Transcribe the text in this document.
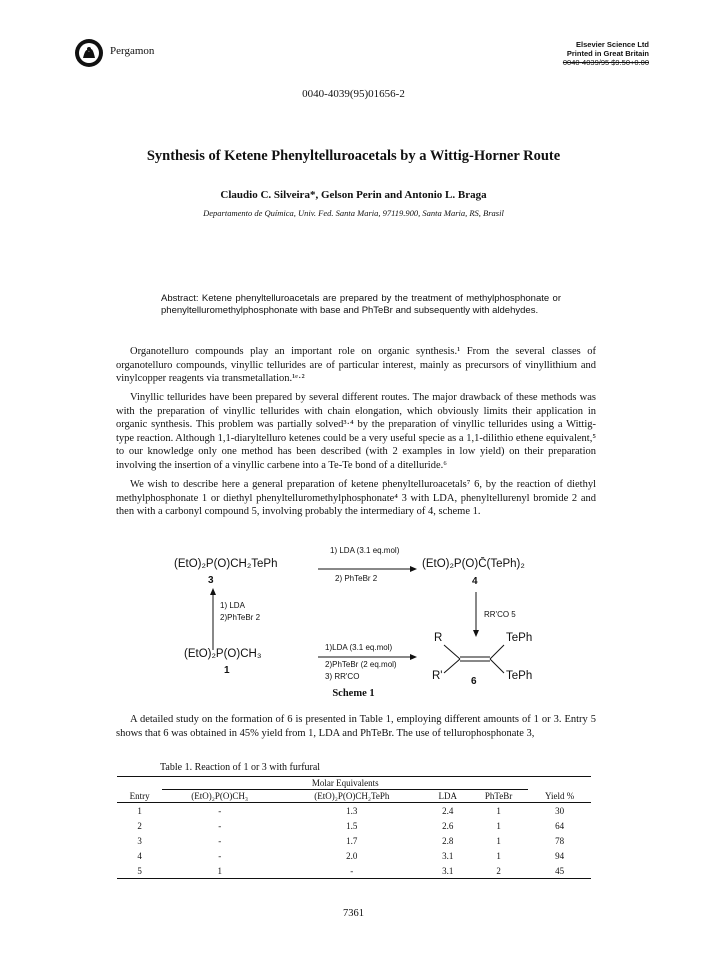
Pergamon
Elsevier Science Ltd
Printed in Great Britain
0040-4039/95 $9.50+0.00
0040-4039(95)01656-2
Synthesis of Ketene Phenyltelluroacetals by a Wittig-Horner Route
Claudio C. Silveira*, Gelson Perin and Antonio L. Braga
Departamento de Química, Univ. Fed. Santa Maria, 97119.900, Santa Maria, RS, Brasil
Abstract: Ketene phenyltelluroacetals are prepared by the treatment of methylphosphonate or phenyltelluromethylphosphonate with base and PhTeBr and subsequently with aldehydes.

Organotelluro compounds play an important role on organic synthesis.¹ From the several classes of organotelluro compounds, vinyllic tellurides are of particular interest, mainly as precursors of vinyllithium and vinylcopper reagents via transmetallation.¹ᵉ·²

Vinyllic tellurides have been prepared by several different routes. The major drawback of these methods was with the preparation of vinyllic tellurides with chain elongation, which obviously limits their application in organic synthesis. This problem was partially solved³·⁴ by the preparation of vinyllic tellurides using a Wittig-type reaction. Although 1,1-diaryltelluro ketenes could be a very useful specie as a 1,1-dilithio ethene equivalent,⁵ to our knowledge only one method has been described (with 2 examples in low yield) on their preparation involving the insertion of a vinyllic carbene into a Te-Te bond of a ditelluride.⁶

We wish to describe here a general preparation of ketene phenyltelluroacetals⁷ 6, by the reaction of diethyl methylphosphonate 1 or diethyl phenyltelluromethylphosphonate⁴ 3 with LDA, phenyltellurenyl bromide 2 and then with a carbonyl compound 5, involving probably the intermediary of 4, scheme 1.

1) LDA (3.1 eq.mol)
(EtO)₂P(O)CH₂TePh
2) PhTeBr 2
(EtO)₂P(O)C̄(TePh)₂
3	4
1) LDA
2)PhTeBr 2	RR'CO 5
(EtO)₂P(O)CH₃
1
1)LDA (3.1 eq.mol)
2)PhTeBr (2 eq.mol)
3) RR'CO
R
R'
TePh
TePh
6
Scheme 1

A detailed study on the formation of 6 is presented in Table 1, employing different amounts of 1 or 3. Entry 5 shows that 6 was obtained in 45% yield from 1, LDA and PhTeBr. The use of tellurophosphonate 3,

Table 1. Reaction of 1 or 3 with furfural
	Molar Equivalents				
Entry	(EtO)₂P(O)CH₃	(EtO)₂P(O)CH₂TePh	LDA	PhTeBr	Yield %
1	-	1.3	2.4	1	30
2	-	1.5	2.6	1	64
3	-	1.7	2.8	1	78
4	-	2.0	3.1	1	94
5	1	-	3.1	2	45
7361
